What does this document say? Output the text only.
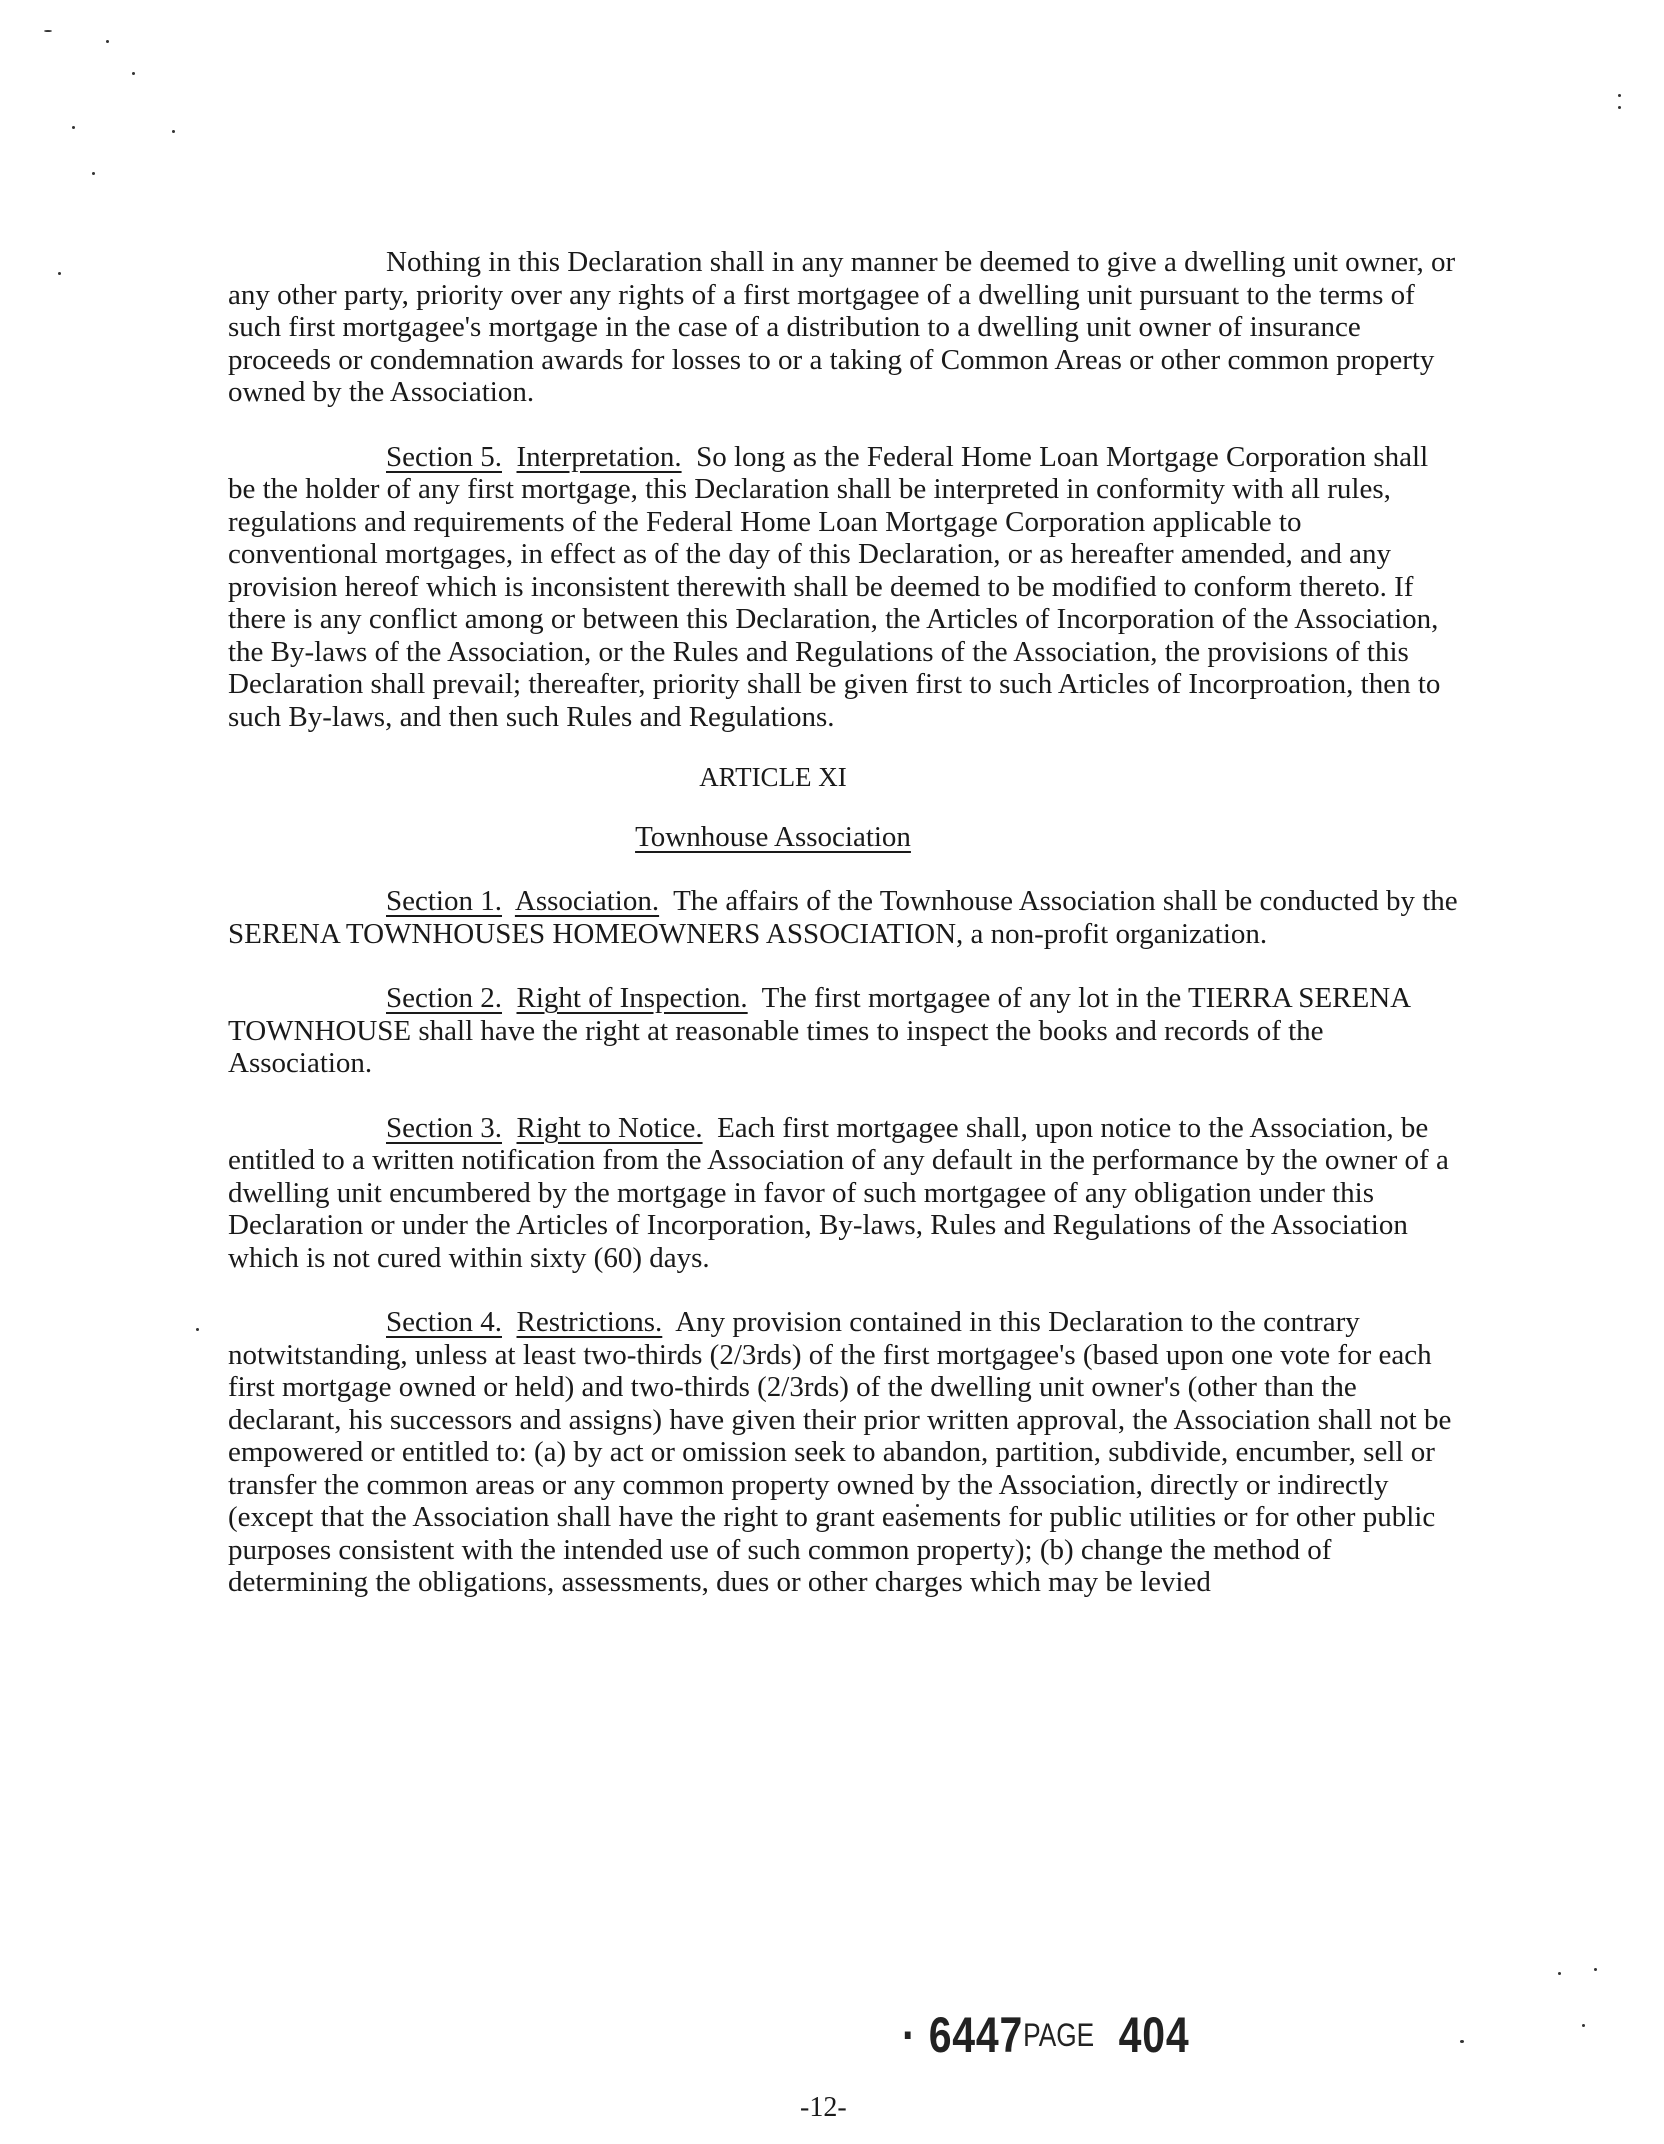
Nothing in this Declaration shall in any manner be deemed to give a dwelling unit owner, or any other party, priority over any rights of a first mortgagee of a dwelling unit pursuant to the terms of such first mortgagee's mortgage in the case of a distribution to a dwelling unit owner of insurance proceeds or condemnation awards for losses to or a taking of Common Areas or other common property owned by the Association.

Section 5. Interpretation. So long as the Federal Home Loan Mortgage Corporation shall be the holder of any first mortgage, this Declaration shall be interpreted in conformity with all rules, regulations and requirements of the Federal Home Loan Mortgage Corporation applicable to conventional mortgages, in effect as of the day of this Declaration, or as hereafter amended, and any provision hereof which is inconsistent therewith shall be deemed to be modified to conform thereto. If there is any conflict among or between this Declaration, the Articles of Incorporation of the Association, the By-laws of the Association, or the Rules and Regulations of the Association, the provisions of this Declaration shall prevail; thereafter, priority shall be given first to such Articles of Incorproation, then to such By-laws, and then such Rules and Regulations.

ARTICLE XI

Townhouse Association

Section 1. Association. The affairs of the Townhouse Association shall be conducted by the SERENA TOWNHOUSES HOMEOWNERS ASSOCIATION, a non-profit organization.

Section 2. Right of Inspection. The first mortgagee of any lot in the TIERRA SERENA TOWNHOUSE shall have the right at reasonable times to inspect the books and records of the Association.

Section 3. Right to Notice. Each first mortgagee shall, upon notice to the Association, be entitled to a written notification from the Association of any default in the performance by the owner of a dwelling unit encumbered by the mortgage in favor of such mortgagee of any obligation under this Declaration or under the Articles of Incorporation, By-laws, Rules and Regulations of the Association which is not cured within sixty (60) days.

Section 4. Restrictions. Any provision contained in this Declaration to the contrary notwitstanding, unless at least two-thirds (2/3rds) of the first mortgagee's (based upon one vote for each first mortgage owned or held) and two-thirds (2/3rds) of the dwelling unit owner's (other than the declarant, his successors and assigns) have given their prior written approval, the Association shall not be empowered or entitled to: (a) by act or omission seek to abandon, partition, subdivide, encumber, sell or transfer the common areas or any common property owned by the Association, directly or indirectly (except that the Association shall have the right to grant easements for public utilities or for other public purposes consistent with the intended use of such common property); (b) change the method of determining the obligations, assessments, dues or other charges which may be levied

· 6447PAGE 404
-12-
